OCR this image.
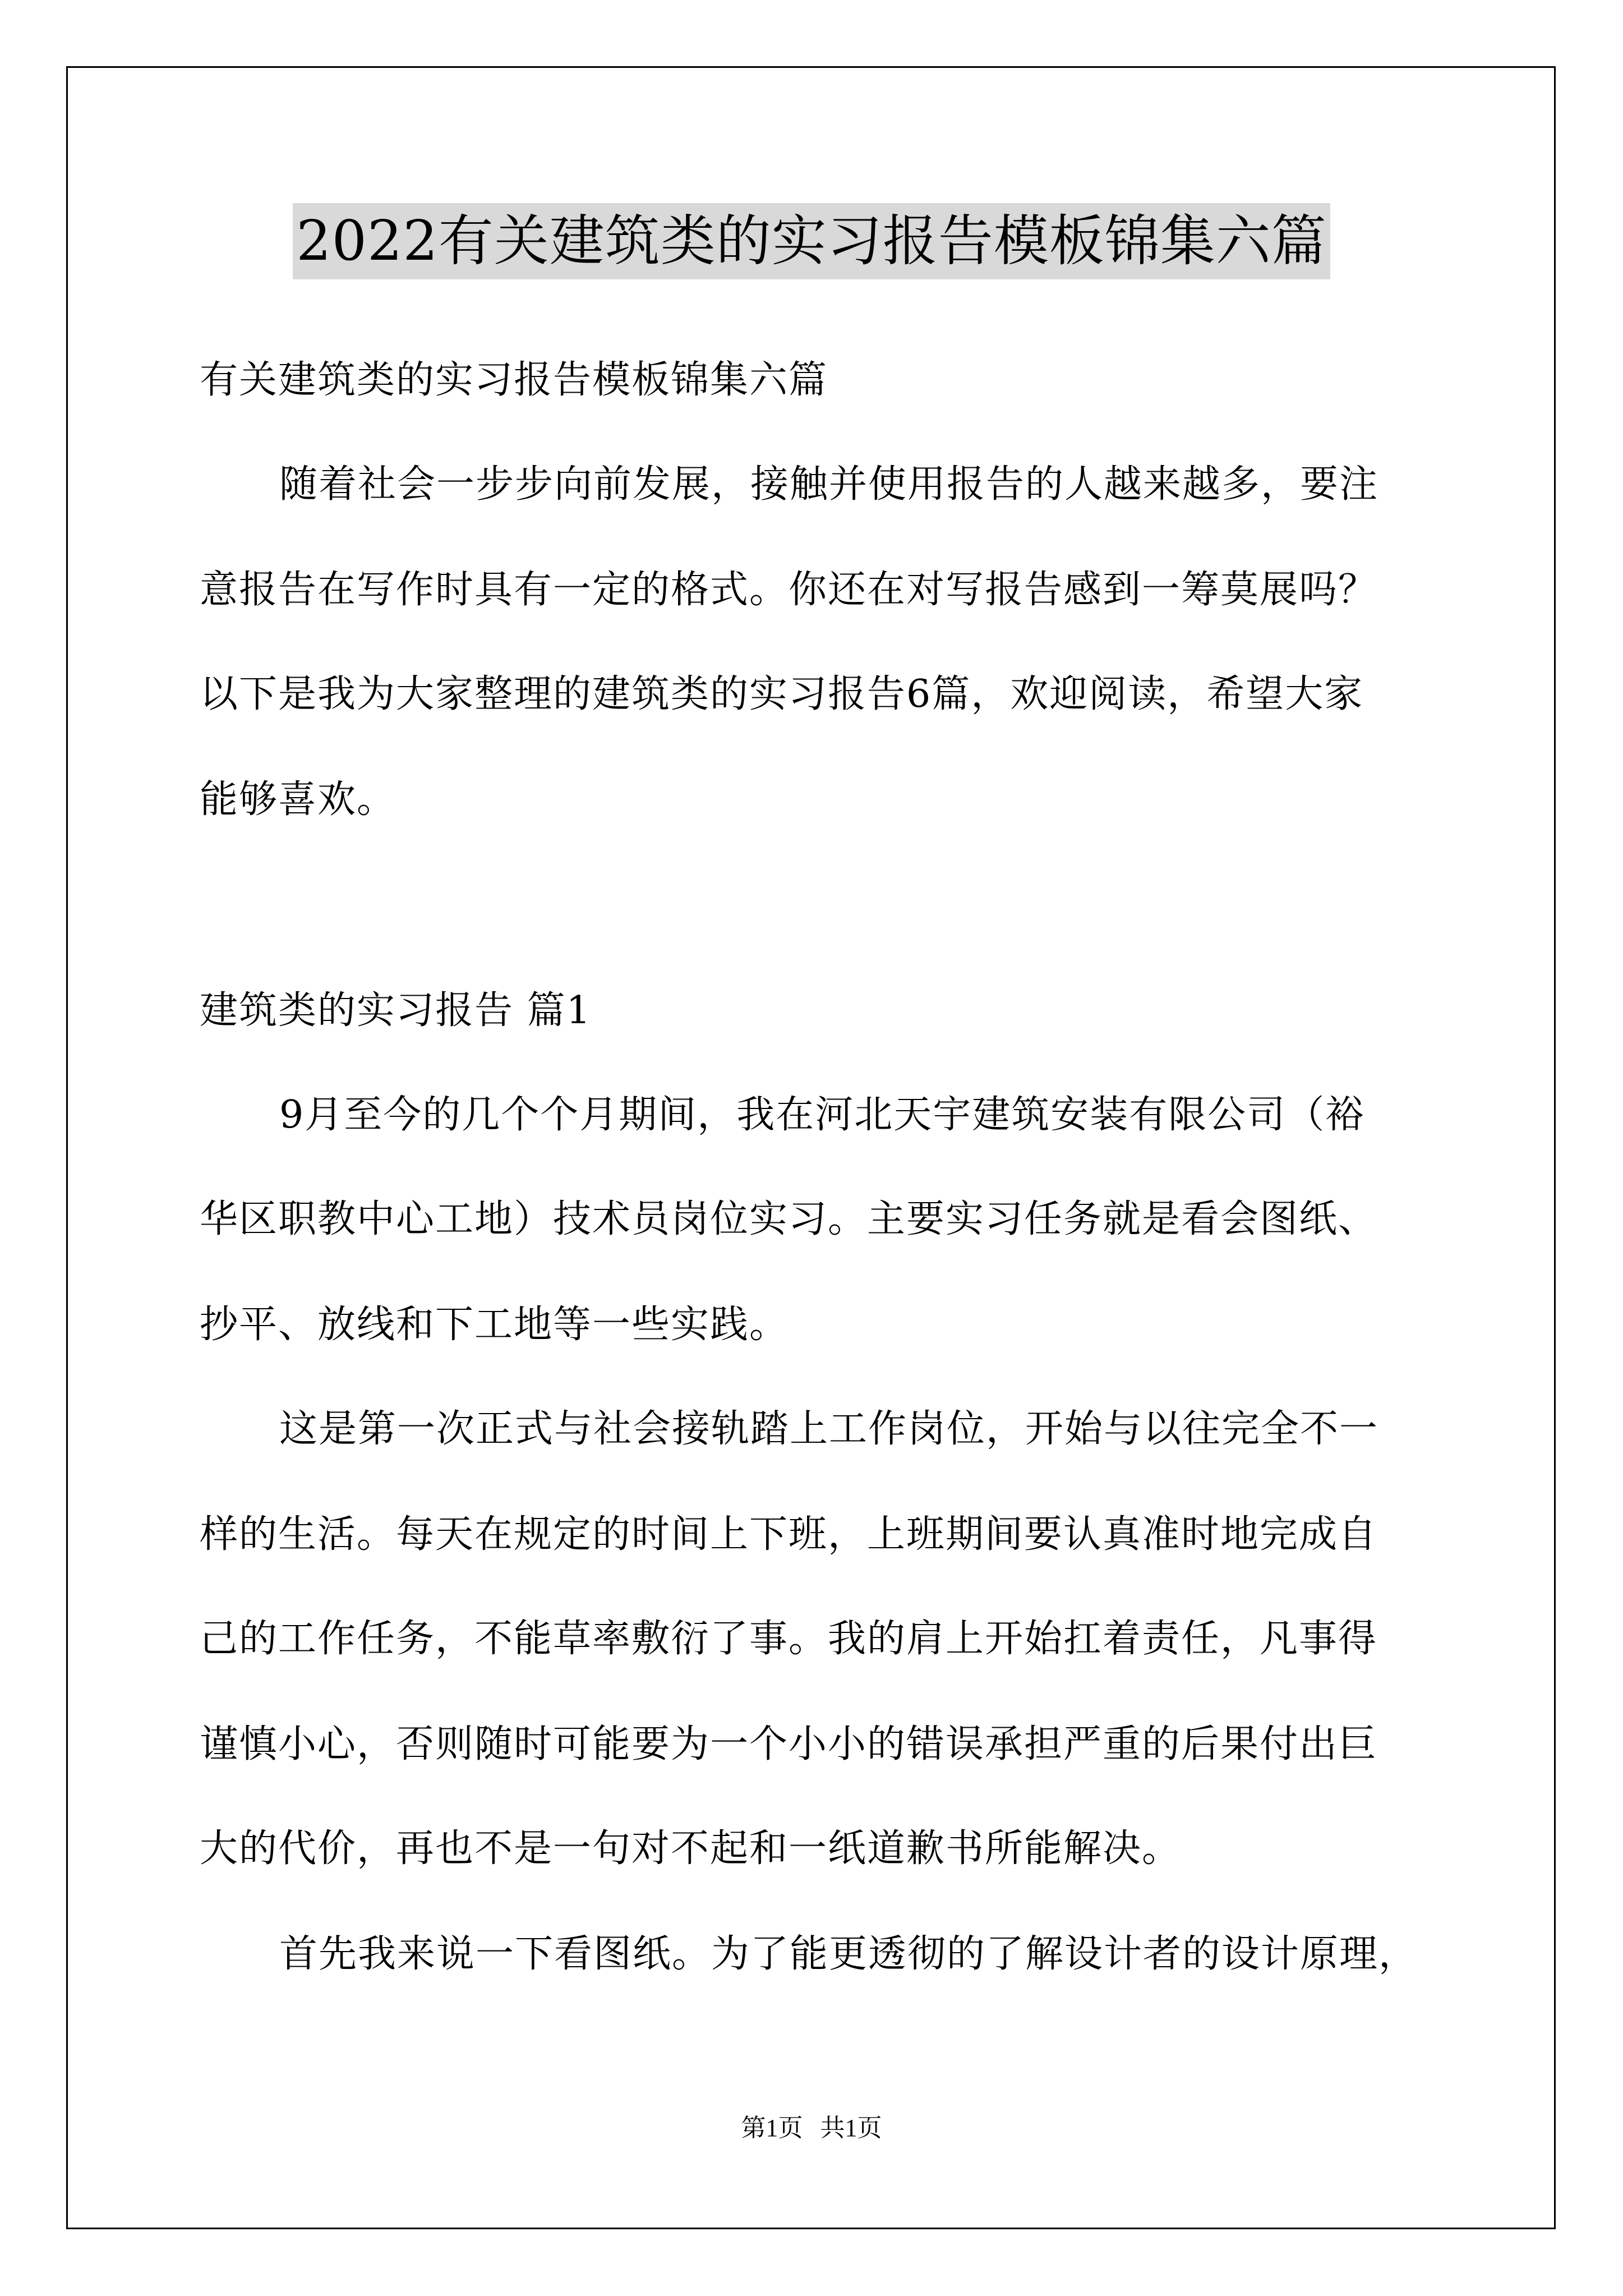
2022有关建筑类的实习报告模板锦集六篇
有关建筑类的实习报告模板锦集六篇
随着社会一步步向前发展，接触并使用报告的人越来越多，要注
意报告在写作时具有一定的格式。你还在对写报告感到一筹莫展吗？
以下是我为大家整理的建筑类的实习报告6篇，欢迎阅读，希望大家
能够喜欢。
建筑类的实习报告 篇1
9月至今的几个个月期间，我在河北天宇建筑安装有限公司（裕
华区职教中心工地）技术员岗位实习。主要实习任务就是看会图纸、
抄平、放线和下工地等一些实践。
这是第一次正式与社会接轨踏上工作岗位，开始与以往完全不一
样的生活。每天在规定的时间上下班，上班期间要认真准时地完成自
己的工作任务，不能草率敷衍了事。我的肩上开始扛着责任，凡事得
谨慎小心，否则随时可能要为一个小小的错误承担严重的后果付出巨
大的代价，再也不是一句对不起和一纸道歉书所能解决。
首先我来说一下看图纸。为了能更透彻的了解设计者的设计原理，
第1页 共1页
